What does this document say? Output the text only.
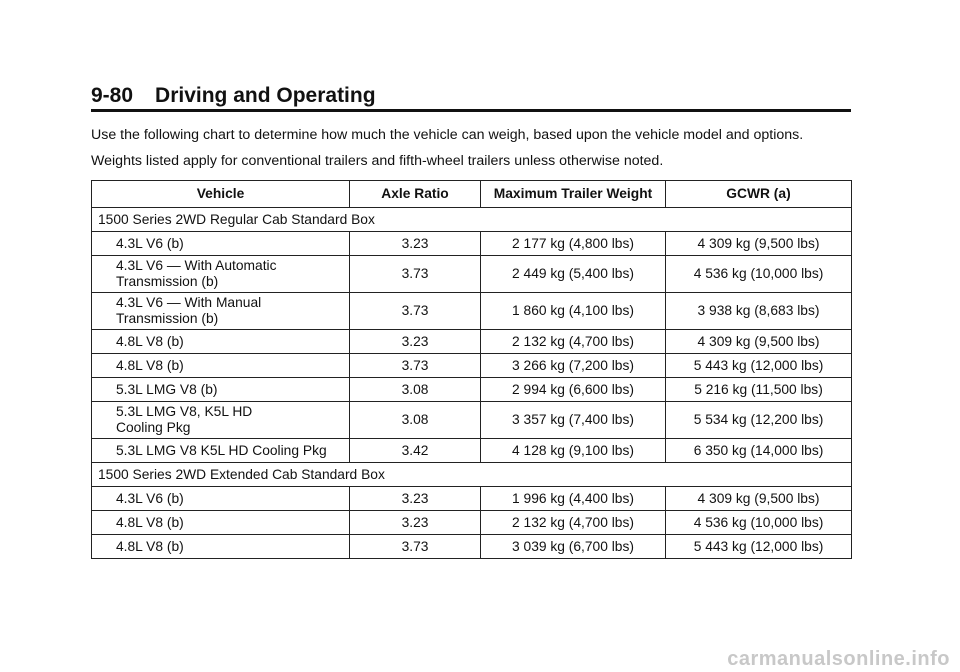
9-80 Driving and Operating
Use the following chart to determine how much the vehicle can weigh, based upon the vehicle model and options.
Weights listed apply for conventional trailers and fifth-wheel trailers unless otherwise noted.
Vehicle	Axle Ratio	Maximum Trailer Weight	GCWR (a)
1500 Series 2WD Regular Cab Standard Box			

4.3L V6 (b)	3.23	2 177 kg (4,800 lbs)	4 309 kg (9,500 lbs)

4.3L V6 — With Automatic
Transmission (b)	3.73	2 449 kg (5,400 lbs)	4 536 kg (10,000 lbs)

4.3L V6 — With Manual
Transmission (b)	3.73	1 860 kg (4,100 lbs)	3 938 kg (8,683 lbs)

4.8L V8 (b)	3.23	2 132 kg (4,700 lbs)	4 309 kg (9,500 lbs)

4.8L V8 (b)	3.73	3 266 kg (7,200 lbs)	5 443 kg (12,000 lbs)

5.3L LMG V8 (b)	3.08	2 994 kg (6,600 lbs)	5 216 kg (11,500 lbs)

5.3L LMG V8, K5L HD
Cooling Pkg	3.08	3 357 kg (7,400 lbs)	5 534 kg (12,200 lbs)

5.3L LMG V8 K5L HD Cooling Pkg	3.42	4 128 kg (9,100 lbs)	6 350 kg (14,000 lbs)
1500 Series 2WD Extended Cab Standard Box			

4.3L V6 (b)	3.23	1 996 kg (4,400 lbs)	4 309 kg (9,500 lbs)

4.8L V8 (b)	3.23	2 132 kg (4,700 lbs)	4 536 kg (10,000 lbs)

4.8L V8 (b)	3.73	3 039 kg (6,700 lbs)	5 443 kg (12,000 lbs)
carmanualsonline.info
